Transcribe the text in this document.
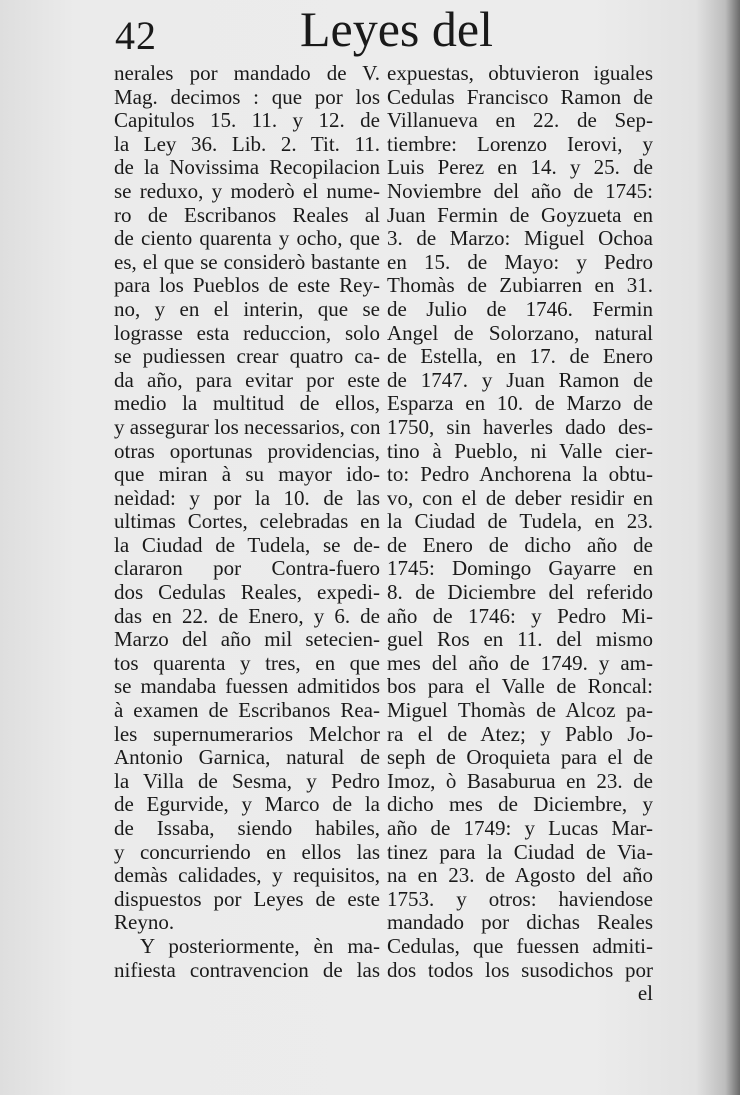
42	Leyes del
nerales por mandado de V.
Mag. decimos : que por los
Capitulos 15. 11. y 12. de
la Ley 36. Lib. 2. Tit. 11.
de la Novissima Recopilacion
se reduxo, y moderò el nume-
ro de Escribanos Reales al
de ciento quarenta y ocho, que
es, el que se considerò bastante
para los Pueblos de este Rey-
no, y en el interin, que se
lograsse esta reduccion, solo
se pudiessen crear quatro ca-
da año, para evitar por este
medio la multitud de ellos,
y assegurar los necessarios, con
otras oportunas providencias,
que miran à su mayor ido-
neìdad: y por la 10. de las
ultimas Cortes, celebradas en
la Ciudad de Tudela, se de-
clararon por Contra-fuero
dos Cedulas Reales, expedi-
das en 22. de Enero, y 6. de
Marzo del año mil setecien-
tos quarenta y tres, en que
se mandaba fuessen admitidos
à examen de Escribanos Rea-
les supernumerarios Melchor
Antonio Garnica, natural de
la Villa de Sesma, y Pedro
de Egurvide, y Marco de la
de Issaba, siendo habiles,
y concurriendo en ellos las
demàs calidades, y requisitos,
dispuestos por Leyes de este
Reyno.
Y posteriormente, èn ma-
nifiesta contravencion de las
expuestas, obtuvieron iguales
Cedulas Francisco Ramon de
Villanueva en 22. de Sep-
tiembre: Lorenzo Ierovi, y
Luis Perez en 14. y 25. de
Noviembre del año de 1745:
Juan Fermin de Goyzueta en
3. de Marzo: Miguel Ochoa
en 15. de Mayo: y Pedro
Thomàs de Zubiarren en 31.
de Julio de 1746. Fermin
Angel de Solorzano, natural
de Estella, en 17. de Enero
de 1747. y Juan Ramon de
Esparza en 10. de Marzo de
1750, sin haverles dado des-
tino à Pueblo, ni Valle cier-
to: Pedro Anchorena la obtu-
vo, con el de deber residir en
la Ciudad de Tudela, en 23.
de Enero de dicho año de
1745: Domingo Gayarre en
8. de Diciembre del referido
año de 1746: y Pedro Mi-
guel Ros en 11. del mismo
mes del año de 1749. y am-
bos para el Valle de Roncal:
Miguel Thomàs de Alcoz pa-
ra el de Atez; y Pablo Jo-
seph de Oroquieta para el de
Imoz, ò Basaburua en 23. de
dicho mes de Diciembre, y
año de 1749: y Lucas Mar-
tinez para la Ciudad de Via-
na en 23. de Agosto del año
1753. y otros: haviendose
mandado por dichas Reales
Cedulas, que fuessen admiti-
dos todos los susodichos por
el
